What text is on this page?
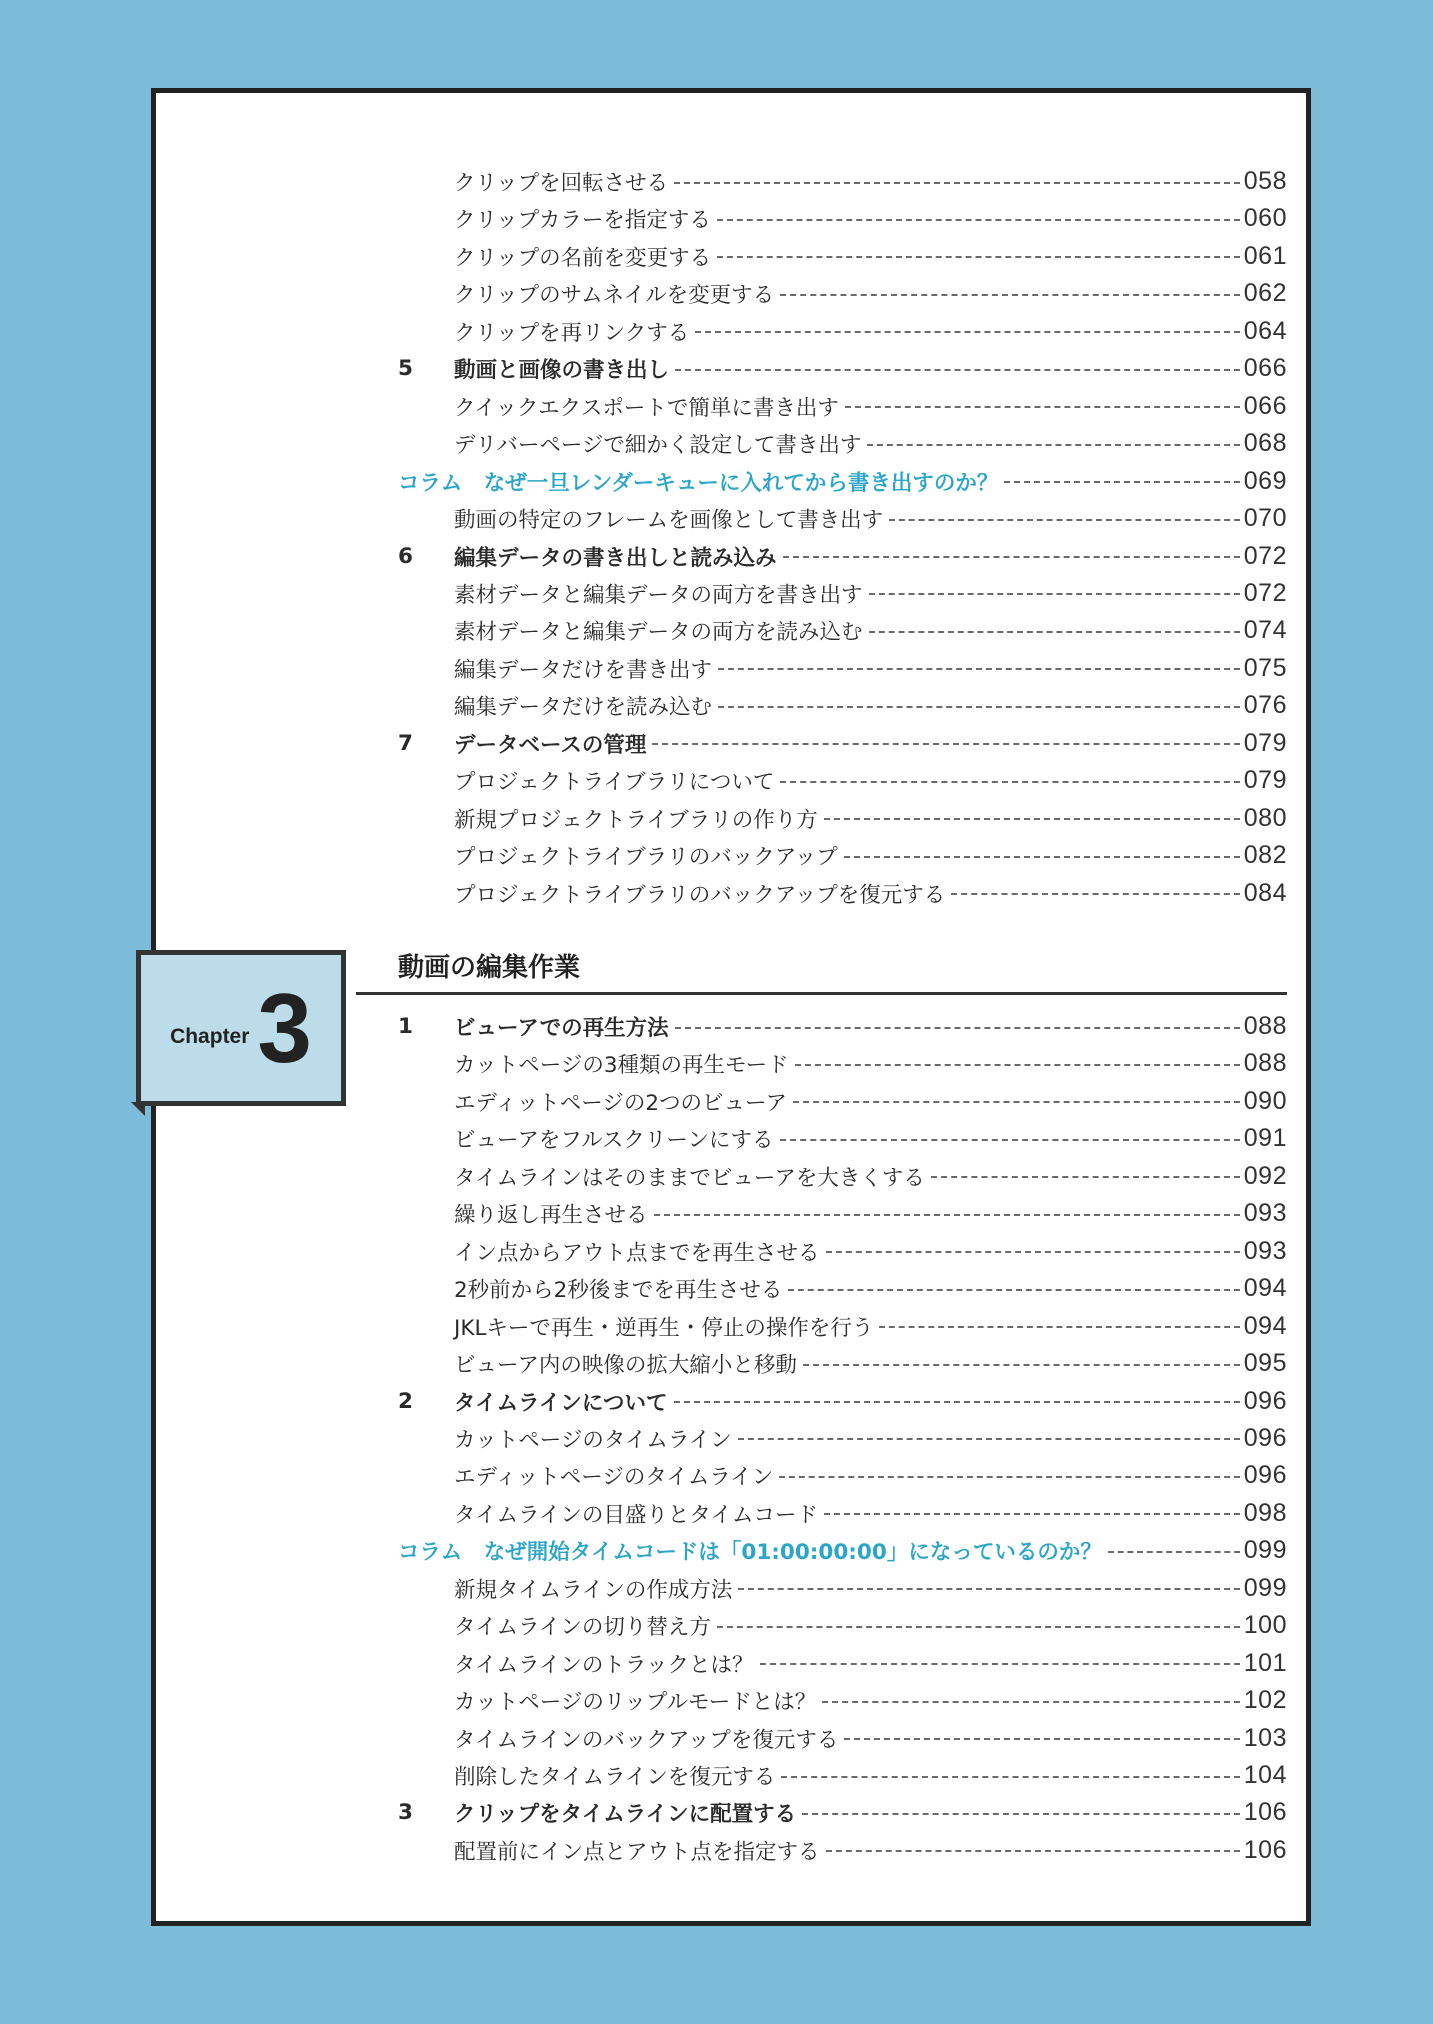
クリップを回転させる	058
クリップカラーを指定する	060
クリップの名前を変更する	061
クリップのサムネイルを変更する	062
クリップを再リンクする	064
5	動画と画像の書き出し	066
クイックエクスポートで簡単に書き出す	066
デリバーページで細かく設定して書き出す	068
コラム　なぜ一旦レンダーキューに入れてから書き出すのか？	069
動画の特定のフレームを画像として書き出す	070
6	編集データの書き出しと読み込み	072
素材データと編集データの両方を書き出す	072
素材データと編集データの両方を読み込む	074
編集データだけを書き出す	075
編集データだけを読み込む	076
7	データベースの管理	079
プロジェクトライブラリについて	079
新規プロジェクトライブラリの作り方	080
プロジェクトライブラリのバックアップ	082
プロジェクトライブラリのバックアップを復元する	084
動画の編集作業
1	ビューアでの再生方法	088
カットページの3種類の再生モード	088
エディットページの2つのビューア	090
ビューアをフルスクリーンにする	091
タイムラインはそのままでビューアを大きくする	092
繰り返し再生させる	093
イン点からアウト点までを再生させる	093
2秒前から2秒後までを再生させる	094
JKLキーで再生・逆再生・停止の操作を行う	094
ビューア内の映像の拡大縮小と移動	095
2	タイムラインについて	096
カットページのタイムライン	096
エディットページのタイムライン	096
タイムラインの目盛りとタイムコード	098
コラム　なぜ開始タイムコードは「01:00:00:00」になっているのか？	099
新規タイムラインの作成方法	099
タイムラインの切り替え方	100
タイムラインのトラックとは？	101
カットページのリップルモードとは？	102
タイムラインのバックアップを復元する	103
削除したタイムラインを復元する	104
3	クリップをタイムラインに配置する	106
配置前にイン点とアウト点を指定する	106
Chapter 3
